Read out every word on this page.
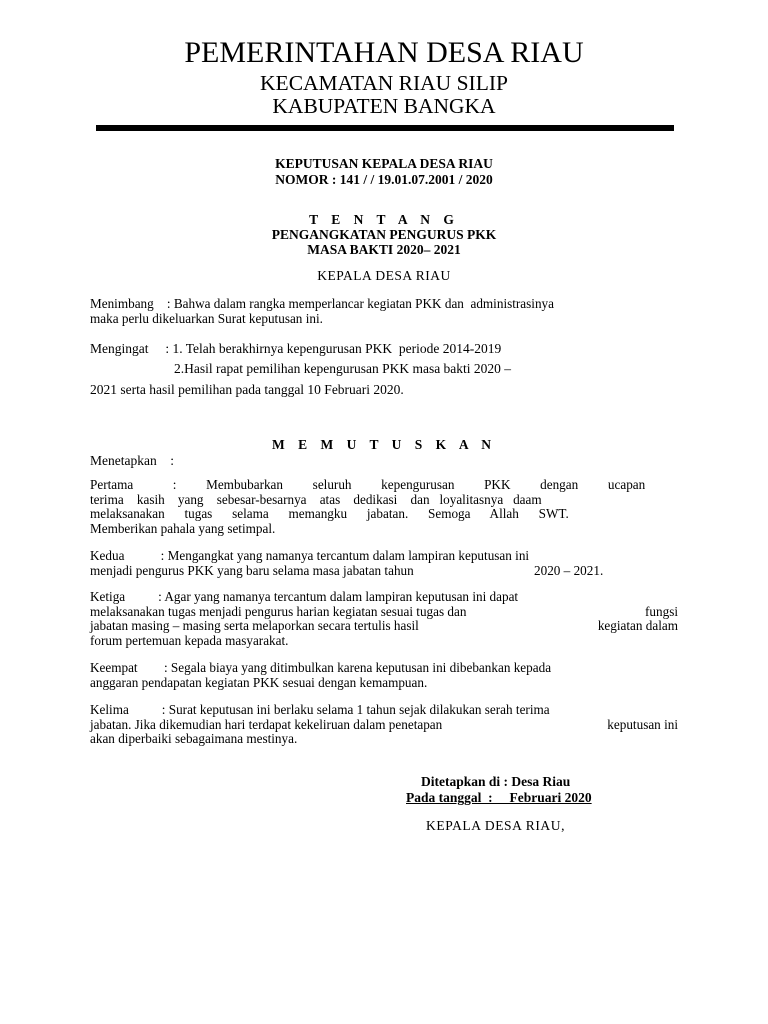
PEMERINTAHAN DESA RIAU
KECAMATAN RIAU SILIP
KABUPATEN BANGKA
KEPUTUSAN KEPALA DESA RIAU
NOMOR : 141 / / 19.01.07.2001 / 2020
T E N T A N G
PENGANGKATAN PENGURUS PKK
MASA BAKTI 2020– 2021
KEPALA DESA RIAU
Menimbang    : Bahwa dalam rangka memperlancar kegiatan PKK dan  administrasinya
maka perlu dikeluarkan Surat keputusan ini.
Mengingat     : 1. Telah berakhirnya kepengurusan PKK  periode 2014-2019
2.Hasil rapat pemilihan kepengurusan PKK masa bakti 2020 –
2021 serta hasil pemilihan pada tanggal 10 Februari 2020.
M E M U T U S K A N
Menetapkan    :
Pertama            :         Membubarkan         seluruh         kepengurusan         PKK         dengan         ucapan
terima    kasih    yang    sebesar-besarnya    atas    dedikasi    dan   loyalitasnya   daam
melaksanakan      tugas      selama      memangku      jabatan.      Semoga      Allah      SWT.
Memberikan pahala yang setimpal.
Kedua           : Mengangkat yang namanya tercantum dalam lampiran keputusan ini
menjadi pengurus PKK yang baru selama masa jabatan tahun	2020 – 2021.
Ketiga          : Agar yang namanya tercantum dalam lampiran keputusan ini dapat
melaksanakan tugas menjadi pengurus harian kegiatan sesuai tugas dan	fungsi
jabatan masing – masing serta melaporkan secara tertulis hasil	kegiatan dalam
forum pertemuan kepada masyarakat.
Keempat        : Segala biaya yang ditimbulkan karena keputusan ini dibebankan kepada
anggaran pendapatan kegiatan PKK sesuai dengan kemampuan.
Kelima          : Surat keputusan ini berlaku selama 1 tahun sejak dilakukan serah terima
jabatan. Jika dikemudian hari terdapat kekeliruan dalam penetapan	keputusan ini
akan diperbaiki sebagaimana mestinya.
Ditetapkan di : Desa Riau
Pada tanggal  :     Februari 2020
KEPALA DESA RIAU,
